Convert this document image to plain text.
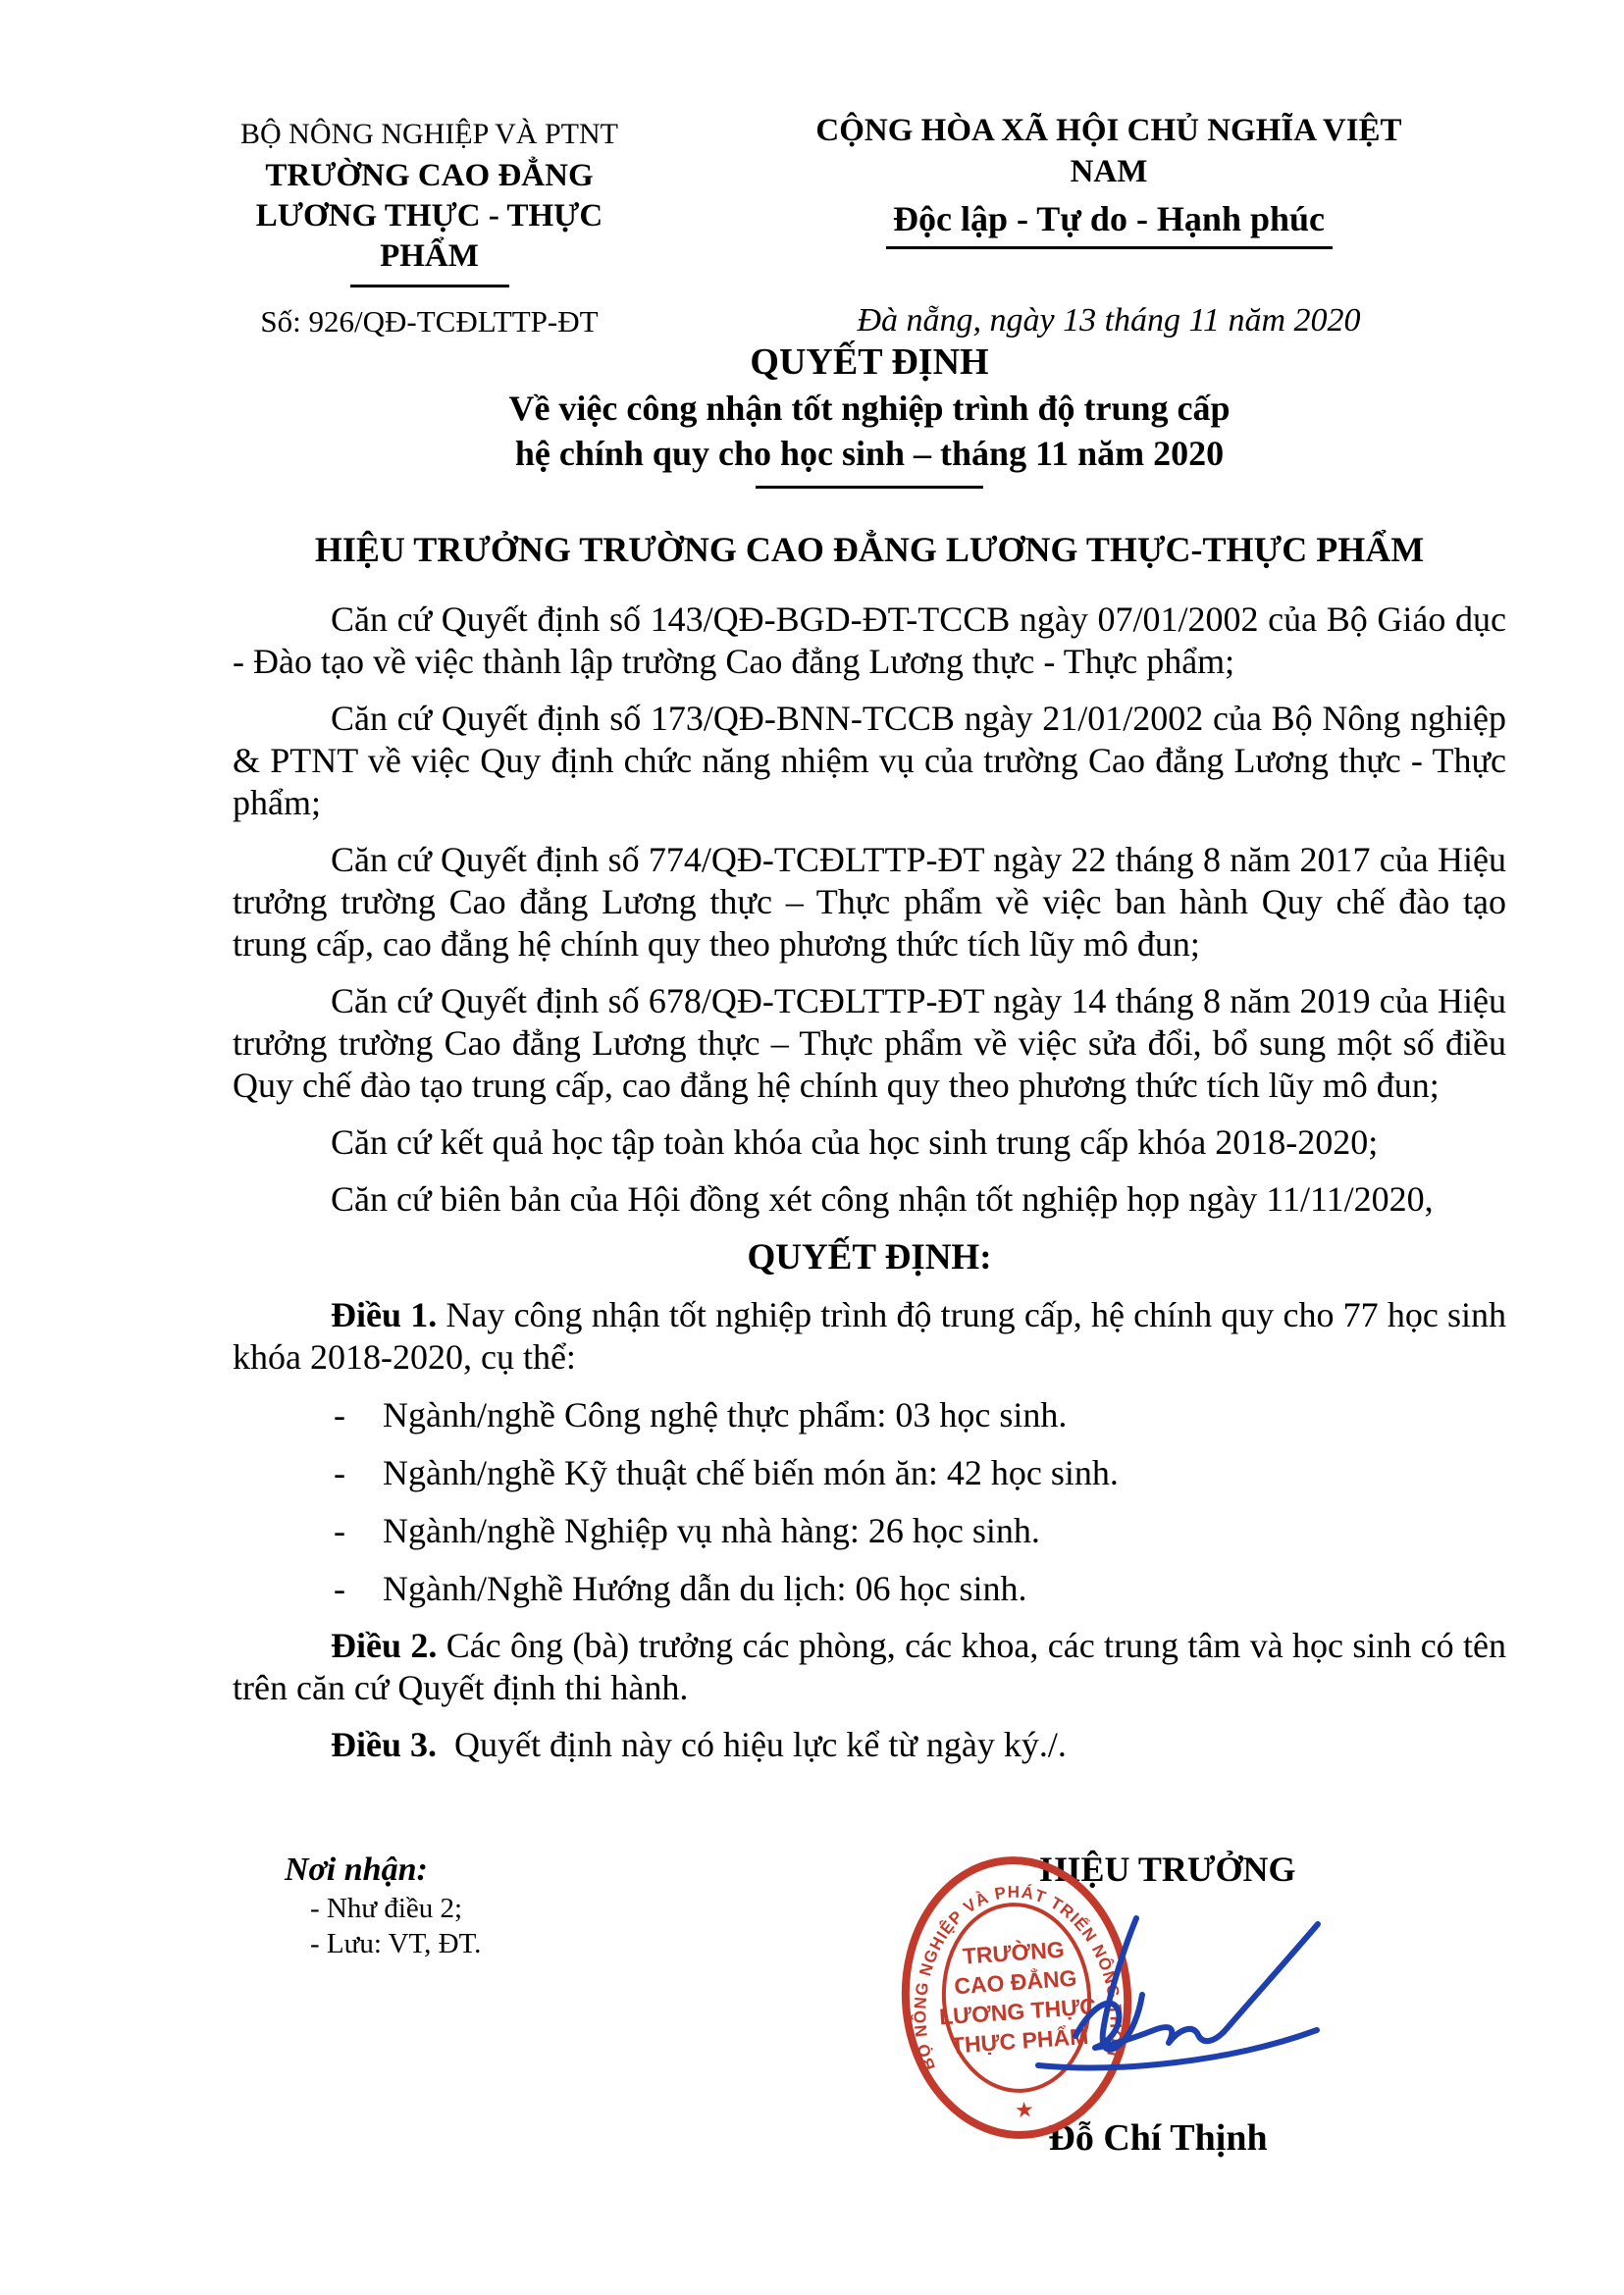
BỘ NÔNG NGHIỆP VÀ PTNT
TRƯỜNG CAO ĐẲNG
LƯƠNG THỰC - THỰC PHẨM
Số: 926/QĐ-TCĐLTTP-ĐT
CỘNG HÒA XÃ HỘI CHỦ NGHĨA VIỆT NAM
Độc lập - Tự do - Hạnh phúc
Đà nẵng, ngày 13 tháng 11 năm 2020
QUYẾT ĐỊNH
Về việc công nhận tốt nghiệp trình độ trung cấp
hệ chính quy cho học sinh – tháng 11 năm 2020
HIỆU TRƯỞNG TRƯỜNG CAO ĐẲNG LƯƠNG THỰC-THỰC PHẨM

Căn cứ Quyết định số 143/QĐ-BGD-ĐT-TCCB ngày 07/01/2002 của Bộ Giáo dục - Đào tạo về việc thành lập trường Cao đẳng Lương thực - Thực phẩm;

Căn cứ Quyết định số 173/QĐ-BNN-TCCB ngày 21/01/2002 của Bộ Nông nghiệp & PTNT về việc Quy định chức năng nhiệm vụ của trường Cao đẳng Lương thực - Thực phẩm;

Căn cứ Quyết định số 774/QĐ-TCĐLTTP-ĐT ngày 22 tháng 8 năm 2017 của Hiệu trưởng trường Cao đẳng Lương thực – Thực phẩm về việc ban hành Quy chế đào tạo trung cấp, cao đẳng hệ chính quy theo phương thức tích lũy mô đun;

Căn cứ Quyết định số 678/QĐ-TCĐLTTP-ĐT ngày 14 tháng 8 năm 2019 của Hiệu trưởng trường Cao đẳng Lương thực – Thực phẩm về việc sửa đổi, bổ sung một số điều Quy chế đào tạo trung cấp, cao đẳng hệ chính quy theo phương thức tích lũy mô đun;

Căn cứ kết quả học tập toàn khóa của học sinh trung cấp khóa 2018-2020;

Căn cứ biên bản của Hội đồng xét công nhận tốt nghiệp họp ngày 11/11/2020,

QUYẾT ĐỊNH:

Điều 1. Nay công nhận tốt nghiệp trình độ trung cấp, hệ chính quy cho 77 học sinh khóa 2018-2020, cụ thể:

-	Ngành/nghề Công nghệ thực phẩm: 03 học sinh.
-	Ngành/nghề Kỹ thuật chế biến món ăn: 42 học sinh.
-	Ngành/nghề Nghiệp vụ nhà hàng: 26 học sinh.
-	Ngành/Nghề Hướng dẫn du lịch: 06 học sinh.

Điều 2. Các ông (bà) trưởng các phòng, các khoa, các trung tâm và học sinh có tên trên căn cứ Quyết định thi hành.

Điều 3. Quyết định này có hiệu lực kể từ ngày ký./.

Nơi nhận:
- Như điều 2;
- Lưu: VT, ĐT.
HIỆU TRƯỞNG
Đỗ Chí Thịnh
BỘ NÔNG NGHIỆP VÀ PHÁT TRIỂN NÔNG THÔN
★
TRƯỜNG
CAO ĐẲNG
LƯƠNG THỰC
THỰC PHẨM
